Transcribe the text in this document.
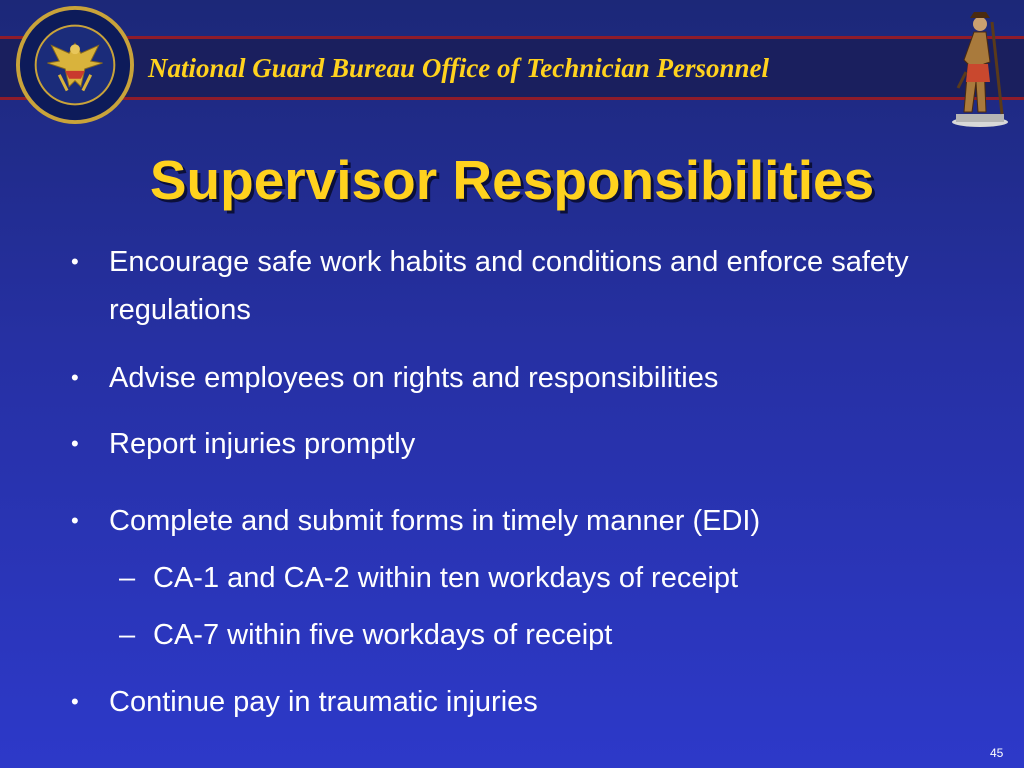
National Guard Bureau Office of Technician Personnel
Supervisor Responsibilities
• Encourage safe work habits and conditions and enforce safety regulations
• Advise employees on rights and responsibilities
• Report injuries promptly
• Complete and submit forms in timely manner (EDI)
– CA-1 and CA-2 within ten workdays of receipt
– CA-7 within five workdays of receipt
• Continue pay in traumatic injuries
45
